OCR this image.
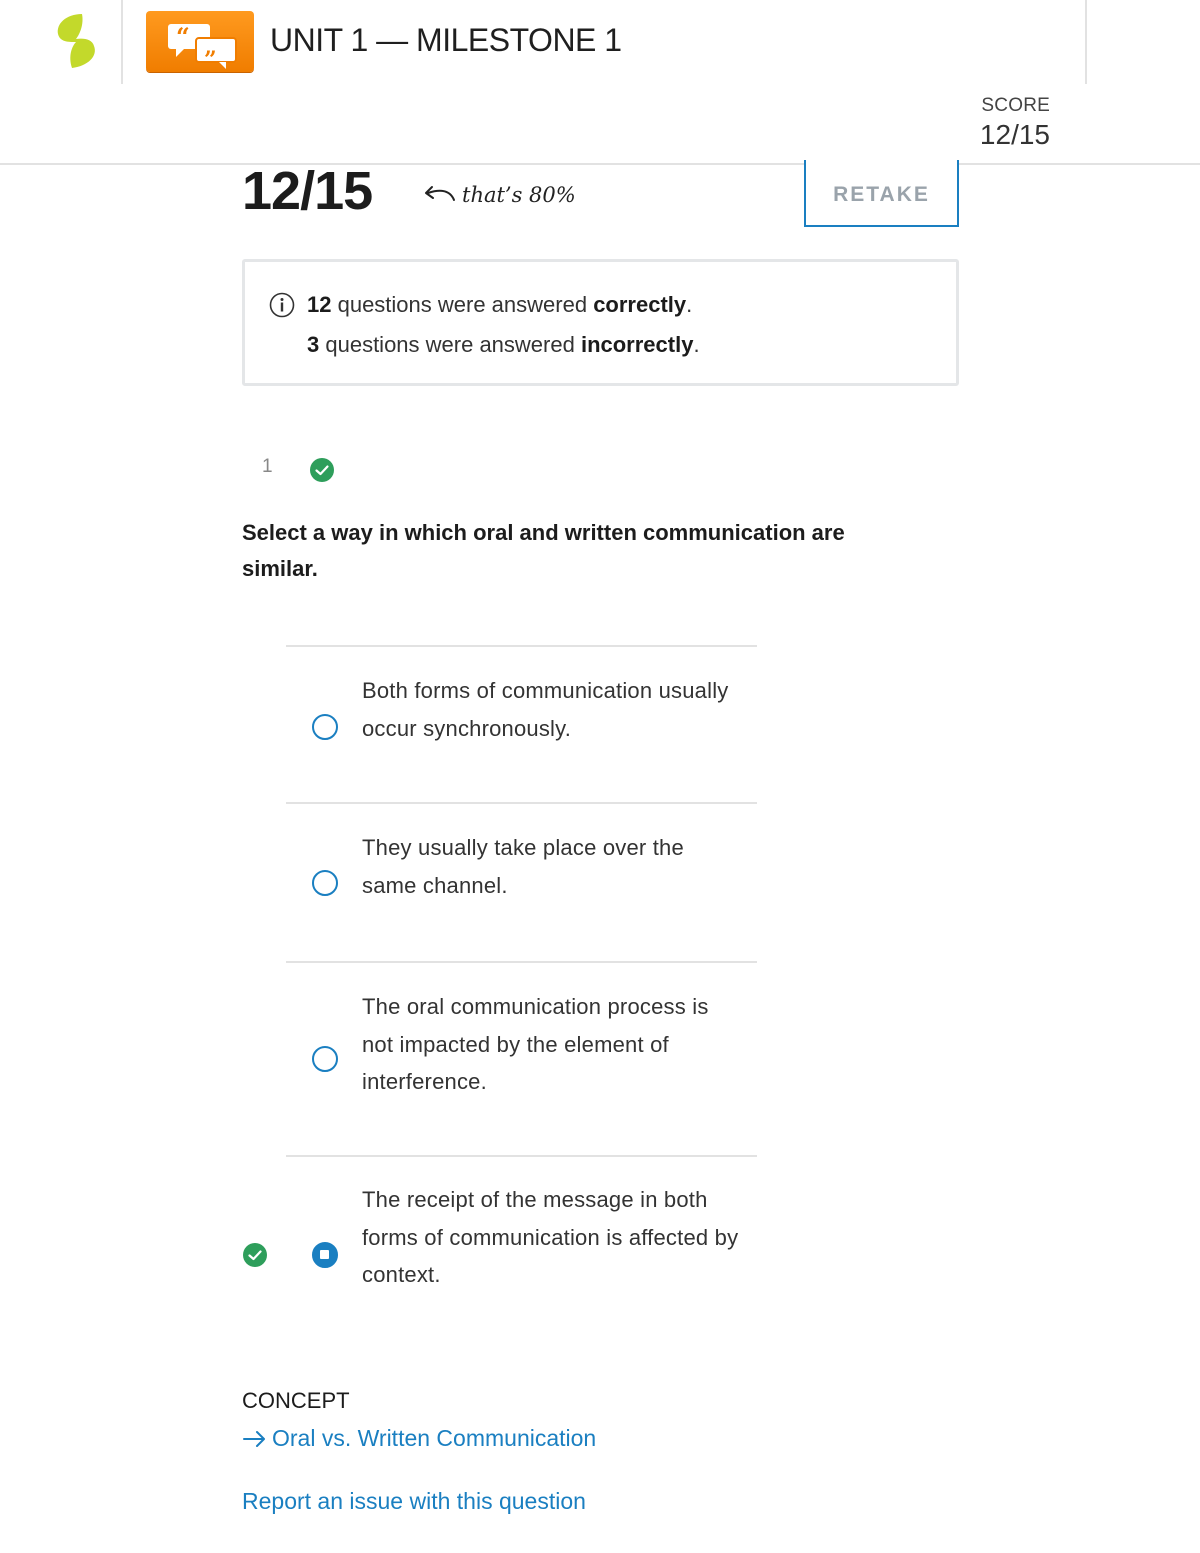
“
”
UNIT 1 — MILESTONE 1
SCORE
12/15
12/15	that’s 80%	RETAKE
12 questions were answered correctly.
3 questions were answered incorrectly.
1
Select a way in which oral and written communication are similar.
Both forms of communication usually occur synchronously.
They usually take place over the same channel.
The oral communication process is not impacted by the element of interference.
The receipt of the message in both forms of communication is affected by context.
CONCEPT
Oral vs. Written Communication
Report an issue with this question
